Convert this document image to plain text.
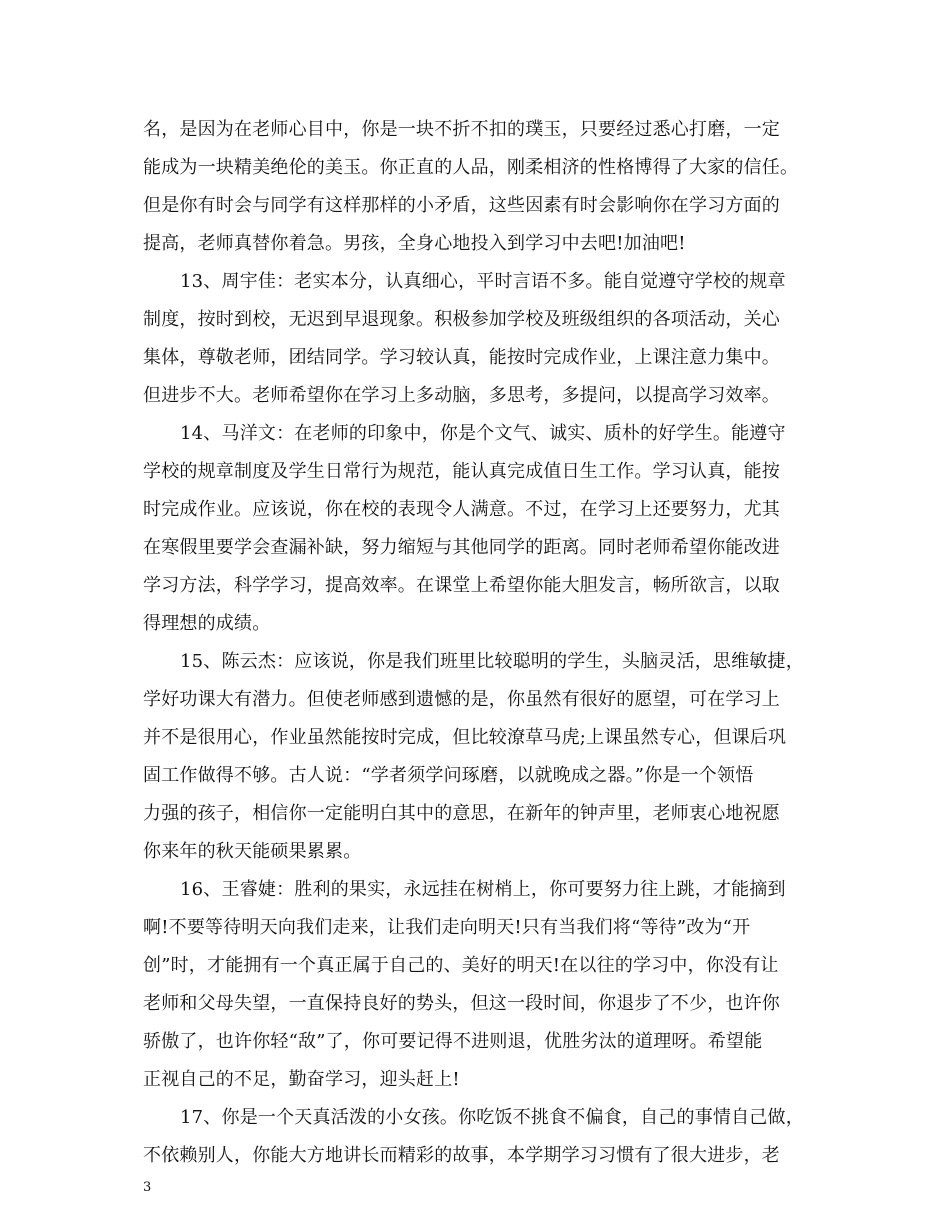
名，是因为在老师心目中，你是一块不折不扣的璞玉，只要经过悉心打磨，一定
能成为一块精美绝伦的美玉。你正直的人品，刚柔相济的性格博得了大家的信任。
但是你有时会与同学有这样那样的小矛盾，这些因素有时会影响你在学习方面的
提高，老师真替你着急。男孩，全身心地投入到学习中去吧!加油吧!
13、周宇佳：老实本分，认真细心，平时言语不多。能自觉遵守学校的规章
制度，按时到校，无迟到早退现象。积极参加学校及班级组织的各项活动，关心
集体，尊敬老师，团结同学。学习较认真，能按时完成作业，上课注意力集中。
但进步不大。老师希望你在学习上多动脑，多思考，多提问，以提高学习效率。
14、马洋文：在老师的印象中，你是个文气、诚实、质朴的好学生。能遵守
学校的规章制度及学生日常行为规范，能认真完成值日生工作。学习认真，能按
时完成作业。应该说，你在校的表现令人满意。不过，在学习上还要努力，尤其
在寒假里要学会查漏补缺，努力缩短与其他同学的距离。同时老师希望你能改进
学习方法，科学学习，提高效率。在课堂上希望你能大胆发言，畅所欲言，以取
得理想的成绩。
15、陈云杰：应该说，你是我们班里比较聪明的学生，头脑灵活，思维敏捷，
学好功课大有潜力。但使老师感到遗憾的是，你虽然有很好的愿望，可在学习上
并不是很用心，作业虽然能按时完成，但比较潦草马虎;上课虽然专心，但课后巩
固工作做得不够。古人说：“学者须学问琢磨，以就晚成之器。”你是一个领悟
力强的孩子，相信你一定能明白其中的意思，在新年的钟声里，老师衷心地祝愿
你来年的秋天能硕果累累。
16、王睿婕：胜利的果实，永远挂在树梢上，你可要努力往上跳，才能摘到
啊!不要等待明天向我们走来，让我们走向明天!只有当我们将“等待”改为“开
创”时，才能拥有一个真正属于自己的、美好的明天!在以往的学习中，你没有让
老师和父母失望，一直保持良好的势头，但这一段时间，你退步了不少，也许你
骄傲了，也许你轻“敌”了，你可要记得不进则退，优胜劣汰的道理呀。希望能
正视自己的不足，勤奋学习，迎头赶上!
17、你是一个天真活泼的小女孩。你吃饭不挑食不偏食，自己的事情自己做，
不依赖别人，你能大方地讲长而精彩的故事，本学期学习习惯有了很大进步，老
3
